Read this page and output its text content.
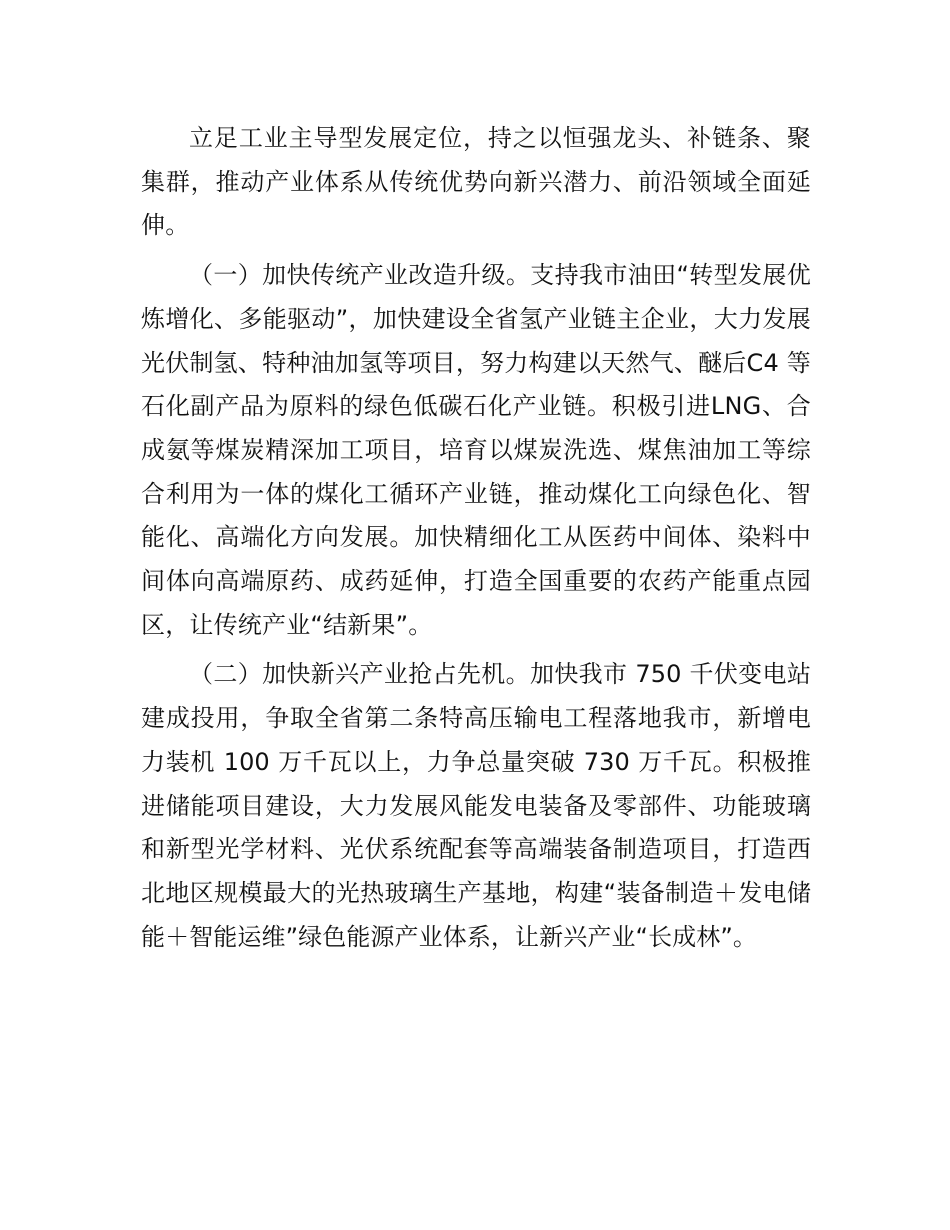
立足工业主导型发展定位，持之以恒强龙头、补链条、聚集群，推动产业体系从传统优势向新兴潜力、前沿领域全面延伸。

（一）加快传统产业改造升级。支持我市油田“转型发展优炼增化、多能驱动”，加快建设全省氢产业链主企业，大力发展光伏制氢、特种油加氢等项目，努力构建以天然气、醚后C4 等石化副产品为原料的绿色低碳石化产业链。积极引进LNG、合成氨等煤炭精深加工项目，培育以煤炭洗选、煤焦油加工等综合利用为一体的煤化工循环产业链，推动煤化工向绿色化、智能化、高端化方向发展。加快精细化工从医药中间体、染料中间体向高端原药、成药延伸，打造全国重要的农药产能重点园区，让传统产业“结新果”。

（二）加快新兴产业抢占先机。加快我市 750 千伏变电站建成投用，争取全省第二条特高压输电工程落地我市，新增电力装机 100 万千瓦以上，力争总量突破 730 万千瓦。积极推进储能项目建设，大力发展风能发电装备及零部件、功能玻璃和新型光学材料、光伏系统配套等高端装备制造项目，打造西北地区规模最大的光热玻璃生产基地，构建“装备制造＋发电储能＋智能运维”绿色能源产业体系，让新兴产业“长成林”。
